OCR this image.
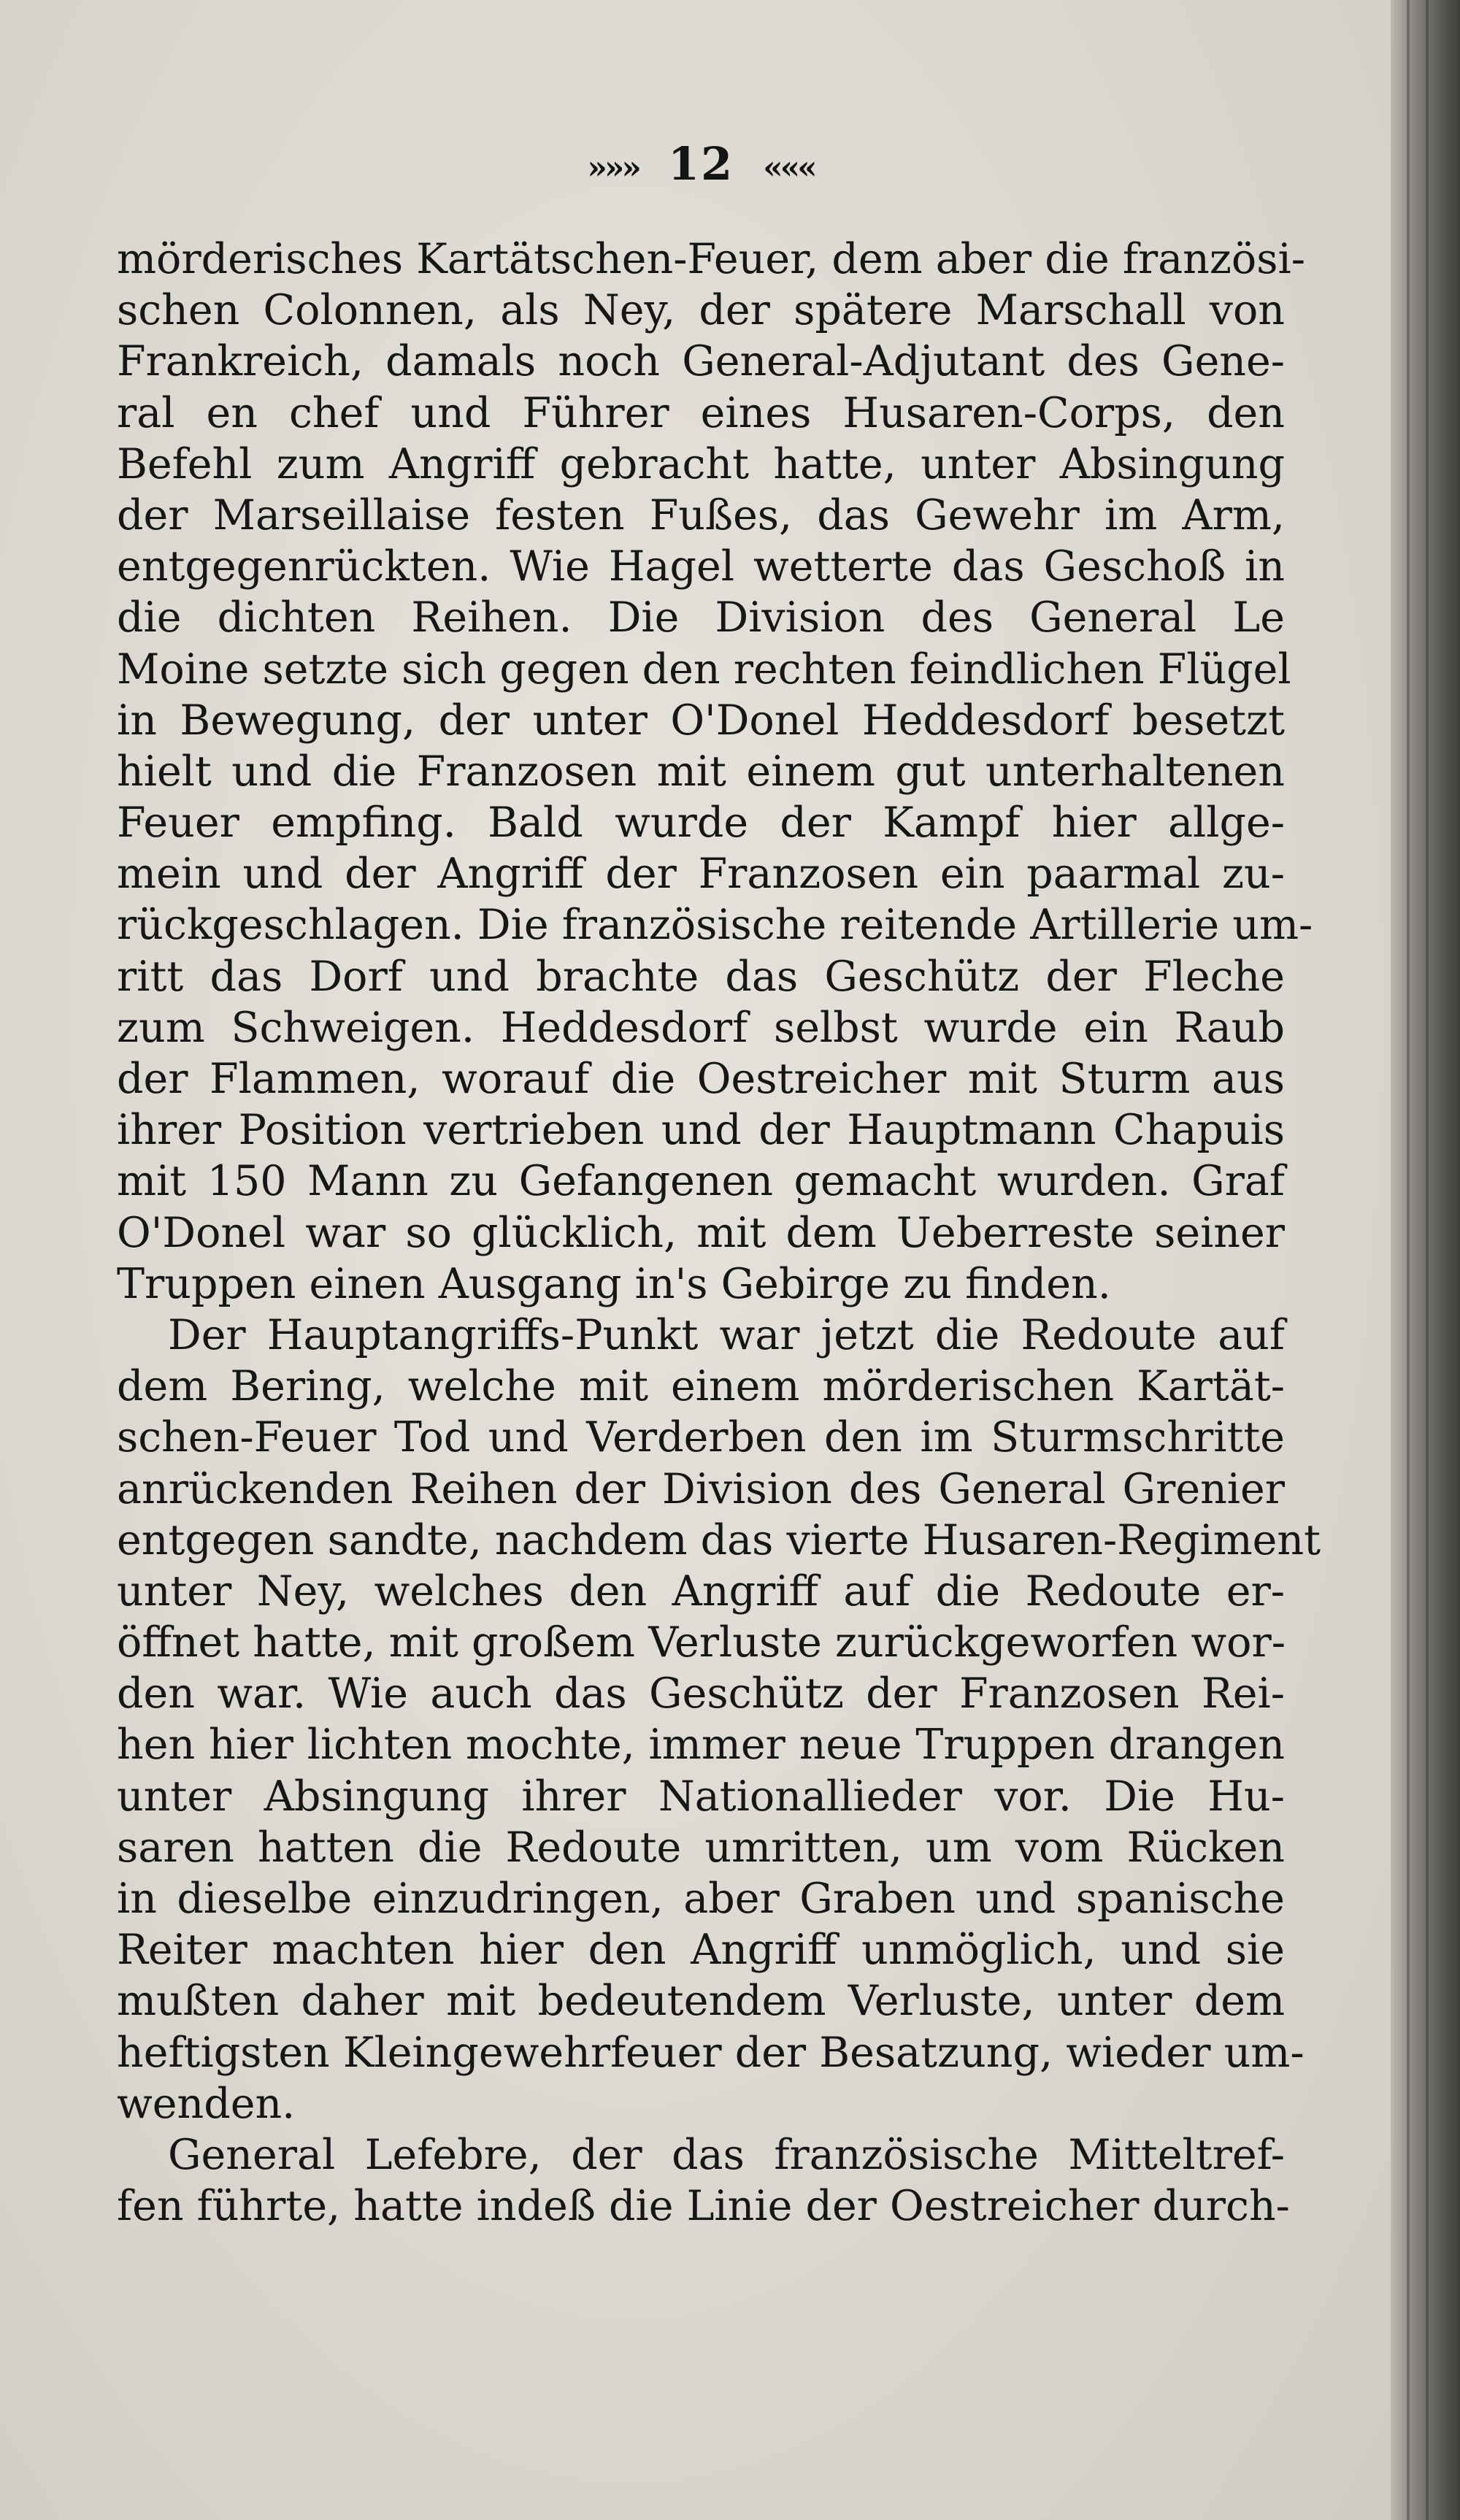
»»» 12 «««
mörderisches Kartätschen-Feuer, dem aber die französi-
schen Colonnen, als Ney, der spätere Marschall von
Frankreich, damals noch General-Adjutant des Gene-
ral en chef und Führer eines Husaren-Corps, den
Befehl zum Angriff gebracht hatte, unter Absingung
der Marseillaise festen Fußes, das Gewehr im Arm,
entgegenrückten. Wie Hagel wetterte das Geschoß in
die dichten Reihen. Die Division des General Le
Moine setzte sich gegen den rechten feindlichen Flügel
in Bewegung, der unter O'Donel Heddesdorf besetzt
hielt und die Franzosen mit einem gut unterhaltenen
Feuer empfing. Bald wurde der Kampf hier allge-
mein und der Angriff der Franzosen ein paarmal zu-
rückgeschlagen. Die französische reitende Artillerie um-
ritt das Dorf und brachte das Geschütz der Fleche
zum Schweigen. Heddesdorf selbst wurde ein Raub
der Flammen, worauf die Oestreicher mit Sturm aus
ihrer Position vertrieben und der Hauptmann Chapuis
mit 150 Mann zu Gefangenen gemacht wurden. Graf
O'Donel war so glücklich, mit dem Ueberreste seiner
Truppen einen Ausgang in's Gebirge zu finden.
Der Hauptangriffs-Punkt war jetzt die Redoute auf
dem Bering, welche mit einem mörderischen Kartät-
schen-Feuer Tod und Verderben den im Sturmschritte
anrückenden Reihen der Division des General Grenier
entgegen sandte, nachdem das vierte Husaren-Regiment
unter Ney, welches den Angriff auf die Redoute er-
öffnet hatte, mit großem Verluste zurückgeworfen wor-
den war. Wie auch das Geschütz der Franzosen Rei-
hen hier lichten mochte, immer neue Truppen drangen
unter Absingung ihrer Nationallieder vor. Die Hu-
saren hatten die Redoute umritten, um vom Rücken
in dieselbe einzudringen, aber Graben und spanische
Reiter machten hier den Angriff unmöglich, und sie
mußten daher mit bedeutendem Verluste, unter dem
heftigsten Kleingewehrfeuer der Besatzung, wieder um-
wenden.
General Lefebre, der das französische Mitteltref-
fen führte, hatte indeß die Linie der Oestreicher durch-
